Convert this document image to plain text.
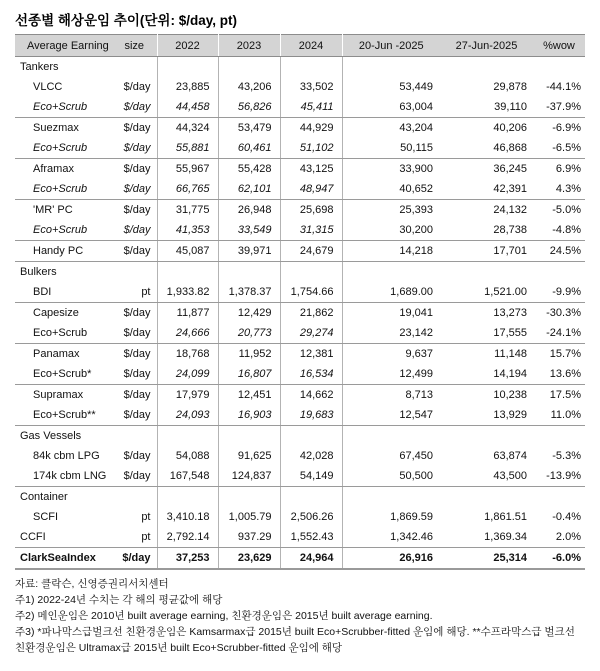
선종별 해상운임 추이(단위: $/day, pt)
Average Earning	size	2022	2023	2024	20-Jun -2025	27-Jun-2025	%wow
Tankers							
VLCC	$/day	23,885	43,206	33,502	53,449	29,878	-44.1%
Eco+Scrub	$/day	44,458	56,826	45,411	63,004	39,110	-37.9%
Suezmax	$/day	44,324	53,479	44,929	43,204	40,206	-6.9%
Eco+Scrub	$/day	55,881	60,461	51,102	50,115	46,868	-6.5%
Aframax	$/day	55,967	55,428	43,125	33,900	36,245	6.9%
Eco+Scrub	$/day	66,765	62,101	48,947	40,652	42,391	4.3%
'MR' PC	$/day	31,775	26,948	25,698	25,393	24,132	-5.0%
Eco+Scrub	$/day	41,353	33,549	31,315	30,200	28,738	-4.8%
Handy PC	$/day	45,087	39,971	24,679	14,218	17,701	24.5%
Bulkers							
BDI	pt	1,933.82	1,378.37	1,754.66	1,689.00	1,521.00	-9.9%
Capesize	$/day	11,877	12,429	21,862	19,041	13,273	-30.3%
Eco+Scrub	$/day	24,666	20,773	29,274	23,142	17,555	-24.1%
Panamax	$/day	18,768	11,952	12,381	9,637	11,148	15.7%
Eco+Scrub*	$/day	24,099	16,807	16,534	12,499	14,194	13.6%
Supramax	$/day	17,979	12,451	14,662	8,713	10,238	17.5%
Eco+Scrub**	$/day	24,093	16,903	19,683	12,547	13,929	11.0%
Gas Vessels							
84k cbm LPG	$/day	54,088	91,625	42,028	67,450	63,874	-5.3%
174k cbm LNG	$/day	167,548	124,837	54,149	50,500	43,500	-13.9%
Container							
SCFI	pt	3,410.18	1,005.79	2,506.26	1,869.59	1,861.51	-0.4%
CCFI	pt	2,792.14	937.29	1,552.43	1,342.46	1,369.34	2.0%
ClarkSeaIndex	$/day	37,253	23,629	24,964	26,916	25,314	-6.0%
자료: 클락슨, 신영증권리서치센터
주1) 2022-24년 수치는 각 해의 평균값에 해당
주2) 메인운임은 2010년 built average earning, 친환경운임은 2015년 built average earning.
주3) *파나막스급벌크선 친환경운임은 Kamsarmax급 2015년 built Eco+Scrubber-fitted 운임에 해당. **수프라막스급 벌크선 친환경운임은 Ultramax급 2015년 built Eco+Scrubber-fitted 운임에 해당
